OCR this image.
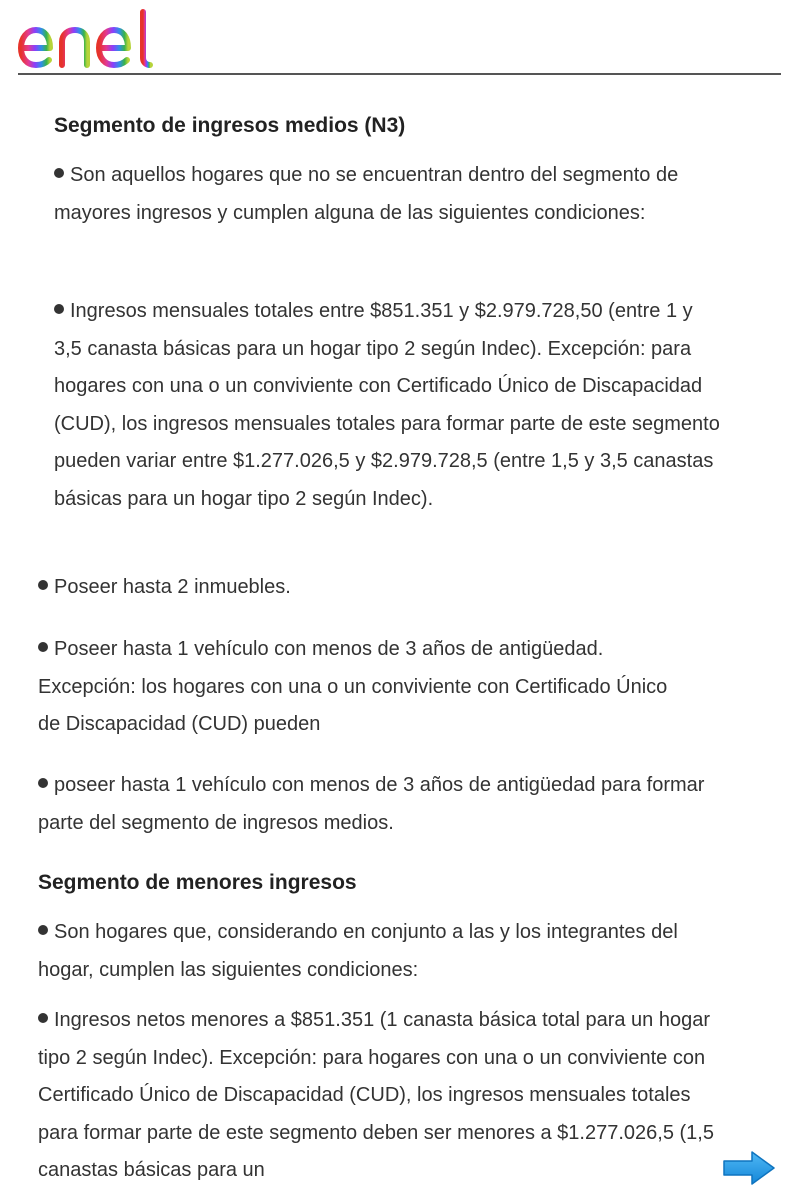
Segmento de ingresos medios (N3)

Son aquellos hogares que no se encuentran dentro del segmento de mayores ingresos y cumplen alguna de las siguientes condiciones:

Ingresos mensuales totales entre $851.351 y $2.979.728,50 (entre 1 y 3,5 canasta básicas para un hogar tipo 2 según Indec). Excepción: para hogares con una o un conviviente con Certificado Único de Discapacidad (CUD), los ingresos mensuales totales para formar parte de este segmento pueden variar entre $1.277.026,5 y $2.979.728,5 (entre 1,5 y 3,5 canastas básicas para un hogar tipo 2 según Indec).

Poseer hasta 2 inmuebles.

Poseer hasta 1 vehículo con menos de 3 años de antigüedad. Excepción: los hogares con una o un conviviente con Certificado Único de Discapacidad (CUD) pueden

poseer hasta 1 vehículo con menos de 3 años de antigüedad para formar parte del segmento de ingresos medios.

Segmento de menores ingresos

Son hogares que, considerando en conjunto a las y los integrantes del hogar, cumplen las siguientes condiciones:

Ingresos netos menores a $851.351 (1 canasta básica total para un hogar tipo 2 según Indec). Excepción: para hogares con una o un conviviente con Certificado Único de Discapacidad (CUD), los ingresos mensuales totales para formar parte de este segmento deben ser menores a $1.277.026,5 (1,5 canastas básicas para un
